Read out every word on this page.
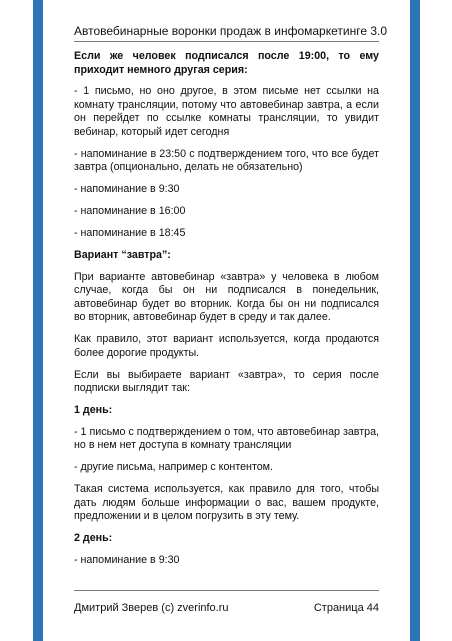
Автовебинарные воронки продаж в инфомаркетинге 3.0

Если же человек подписался после 19:00, то ему приходит немного другая серия:

- 1 письмо, но оно другое, в этом письме нет ссылки на комнату трансляции, потому что автовебинар завтра, а если он перейдет по ссылке комнаты трансляции, то увидит вебинар, который идет сегодня

- напоминание в 23:50 с подтверждением того, что все будет завтра (опционально, делать не обязательно)

- напоминание в 9:30

- напоминание в 16:00

- напоминание в 18:45

Вариант “завтра”:

При варианте автовебинар «завтра» у человека в любом случае, когда бы он ни подписался в понедельник, автовебинар будет во вторник. Когда бы он ни подписался во вторник, автовебинар будет в среду и так далее.

Как правило, этот вариант используется, когда продаются более дорогие продукты.

Если вы выбираете вариант «завтра», то серия после подписки выглядит так:

1 день:

- 1 письмо с подтверждением о том, что автовебинар завтра, но в нем нет доступа в комнату трансляции

- другие письма, например с контентом.

Такая система используется, как правило для того, чтобы дать людям больше информации о вас, вашем продукте, предложении и в целом погрузить в эту тему.

2 день:

- напоминание в 9:30

Дмитрий Зверев (c) zverinfo.ru	Страница 44
